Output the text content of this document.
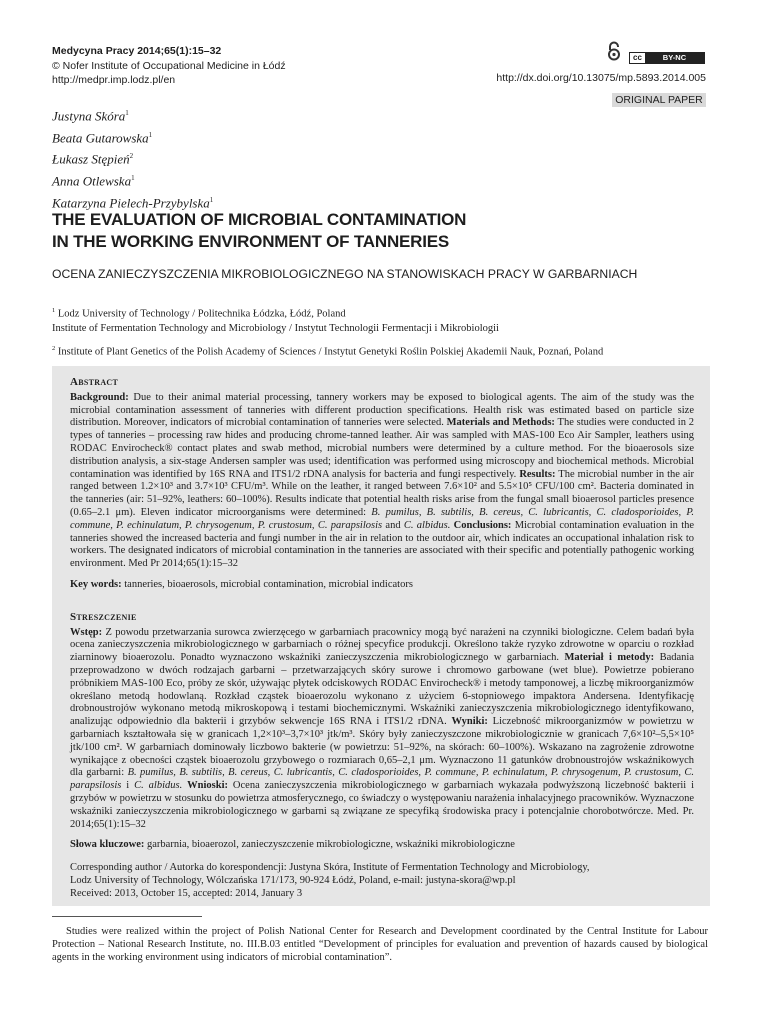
Medycyna Pracy 2014;65(1):15–32
© Nofer Institute of Occupational Medicine in Łódź
http://medpr.imp.lodz.pl/en
cc	BY-NC
http://dx.doi.org/10.13075/mp.5893.2014.005
ORIGINAL PAPER
Justyna Skóra$^1$
Beata Gutarowska$^1$
Łukasz Stępień$^2$
Anna Otlewska$^1$
Katarzyna Pielech-Przybylska$^1$
THE EVALUATION OF MICROBIAL CONTAMINATION
IN THE WORKING ENVIRONMENT OF TANNERIES
OCENA ZANIECZYSZCZENIA MIKROBIOLOGICZNEGO NA STANOWISKACH PRACY W GARBARNIACH

$^1$ Lodz University of Technology / Politechnika Łódzka, Łódź, Poland

Institute of Fermentation Technology and Microbiology / Instytut Technologii Fermentacji i Mikrobiologii

$^2$ Institute of Plant Genetics of the Polish Academy of Sciences / Instytut Genetyki Roślin Polskiej Akademii Nauk, Poznań, Poland

Abstract

Background: Due to their animal material processing, tannery workers may be exposed to biological agents. The aim of the study was the microbial contamination assessment of tanneries with different production specifications. Health risk was estimated based on particle size distribution. Moreover, indicators of microbial contamination of tanneries were selected. Materials and Methods: The studies were conducted in 2 types of tanneries – processing raw hides and producing chrome-tanned leather. Air was sampled with MAS-100 Eco Air Sampler, leathers using RODAC Envirocheck® contact plates and swab method, microbial numbers were determined by a culture method. For the bioaerosols size distribution analysis, a six-stage Andersen sampler was used; identification was performed using microscopy and biochemical methods. Microbial contamination was identified by 16S RNA and ITS1/2 rDNA analysis for bacteria and fungi respectively. Results: The microbial number in the air ranged between 1.2×10³ and 3.7×10³ CFU/m³. While on the leather, it ranged between 7.6×10² and 5.5×10⁵ CFU/100 cm². Bacteria dominated in the tanneries (air: 51–92%, leathers: 60–100%). Results indicate that potential health risks arise from the fungal small bioaerosol particles presence (0.65–2.1 μm). Eleven indicator microorganisms were determined: B. pumilus, B. subtilis, B. cereus, C. lubricantis, C. cladosporioides, P. commune, P. echinulatum, P. chrysogenum, P. crustosum, C. parapsilosis and C. albidus. Conclusions: Microbial contamination evaluation in the tanneries showed the increased bacteria and fungi number in the air in relation to the outdoor air, which indicates an occupational inhalation risk to workers. The designated indicators of microbial contamination in the tanneries are associated with their specific and potentially pathogenic working environment. Med Pr 2014;65(1):15–32

Key words: tanneries, bioaerosols, microbial contamination, microbial indicators

Streszczenie

Wstęp: Z powodu przetwarzania surowca zwierzęcego w garbarniach pracownicy mogą być narażeni na czynniki biologiczne. Celem badań była ocena zanieczyszczenia mikrobiologicznego w garbarniach o różnej specyfice produkcji. Określono także ryzyko zdrowotne w oparciu o rozkład ziarninowy bioaerozolu. Ponadto wyznaczono wskaźniki zanieczyszczenia mikrobiologicznego w garbarniach. Materiał i metody: Badania przeprowadzono w dwóch rodzajach garbarni – przetwarzających skóry surowe i chromowo garbowane (wet blue). Powietrze pobierano próbnikiem MAS-100 Eco, próby ze skór, używając płytek odciskowych RODAC Envirocheck® i metody tamponowej, a liczbę mikroorganizmów określano metodą hodowlaną. Rozkład cząstek bioaerozolu wykonano z użyciem 6-stopniowego impaktora Andersena. Identyfikację drobnoustrojów wykonano metodą mikroskopową i testami biochemicznymi. Wskaźniki zanieczyszczenia mikrobiologicznego identyfikowano, analizując odpowiednio dla bakterii i grzybów sekwencje 16S RNA i ITS1/2 rDNA. Wyniki: Liczebność mikroorganizmów w powietrzu w garbarniach kształtowała się w granicach 1,2×10³–3,7×10³ jtk/m³. Skóry były zanieczyszczone mikrobiologicznie w granicach 7,6×10²–5,5×10⁵ jtk/100 cm². W garbarniach dominowały liczbowo bakterie (w powietrzu: 51–92%, na skórach: 60–100%). Wskazano na zagrożenie zdrowotne wynikające z obecności cząstek bioaerozolu grzybowego o rozmiarach 0,65–2,1 μm. Wyznaczono 11 gatunków drobnoustrojów wskaźnikowych dla garbarni: B. pumilus, B. subtilis, B. cereus, C. lubricantis, C. cladosporioides, P. commune, P. echinulatum, P. chrysogenum, P. crustosum, C. parapsilosis i C. albidus. Wnioski: Ocena zanieczyszczenia mikrobiologicznego w garbarniach wykazała podwyższoną liczebność bakterii i grzybów w powietrzu w stosunku do powietrza atmosferycznego, co świadczy o występowaniu narażenia inhalacyjnego pracowników. Wyznaczone wskaźniki zanieczyszczenia mikrobiologicznego w garbarni są związane ze specyfiką środowiska pracy i potencjalnie chorobotwórcze. Med. Pr. 2014;65(1):15–32

Słowa kluczowe: garbarnia, bioaerozol, zanieczyszczenie mikrobiologiczne, wskaźniki mikrobiologiczne

Corresponding author / Autorka do korespondencji: Justyna Skóra, Institute of Fermentation Technology and Microbiology,

Lodz University of Technology, Wólczańska 171/173, 90-924 Łódź, Poland, e-mail: justyna-skora@wp.pl

Received: 2013, October 15, accepted: 2014, January 3

Studies were realized within the project of Polish National Center for Research and Development coordinated by the Central Institute for Labour Protection – National Research Institute, no. III.B.03 entitled “Development of principles for evaluation and prevention of hazards caused by biological agents in the working environment using indicators of microbial contamination”.
